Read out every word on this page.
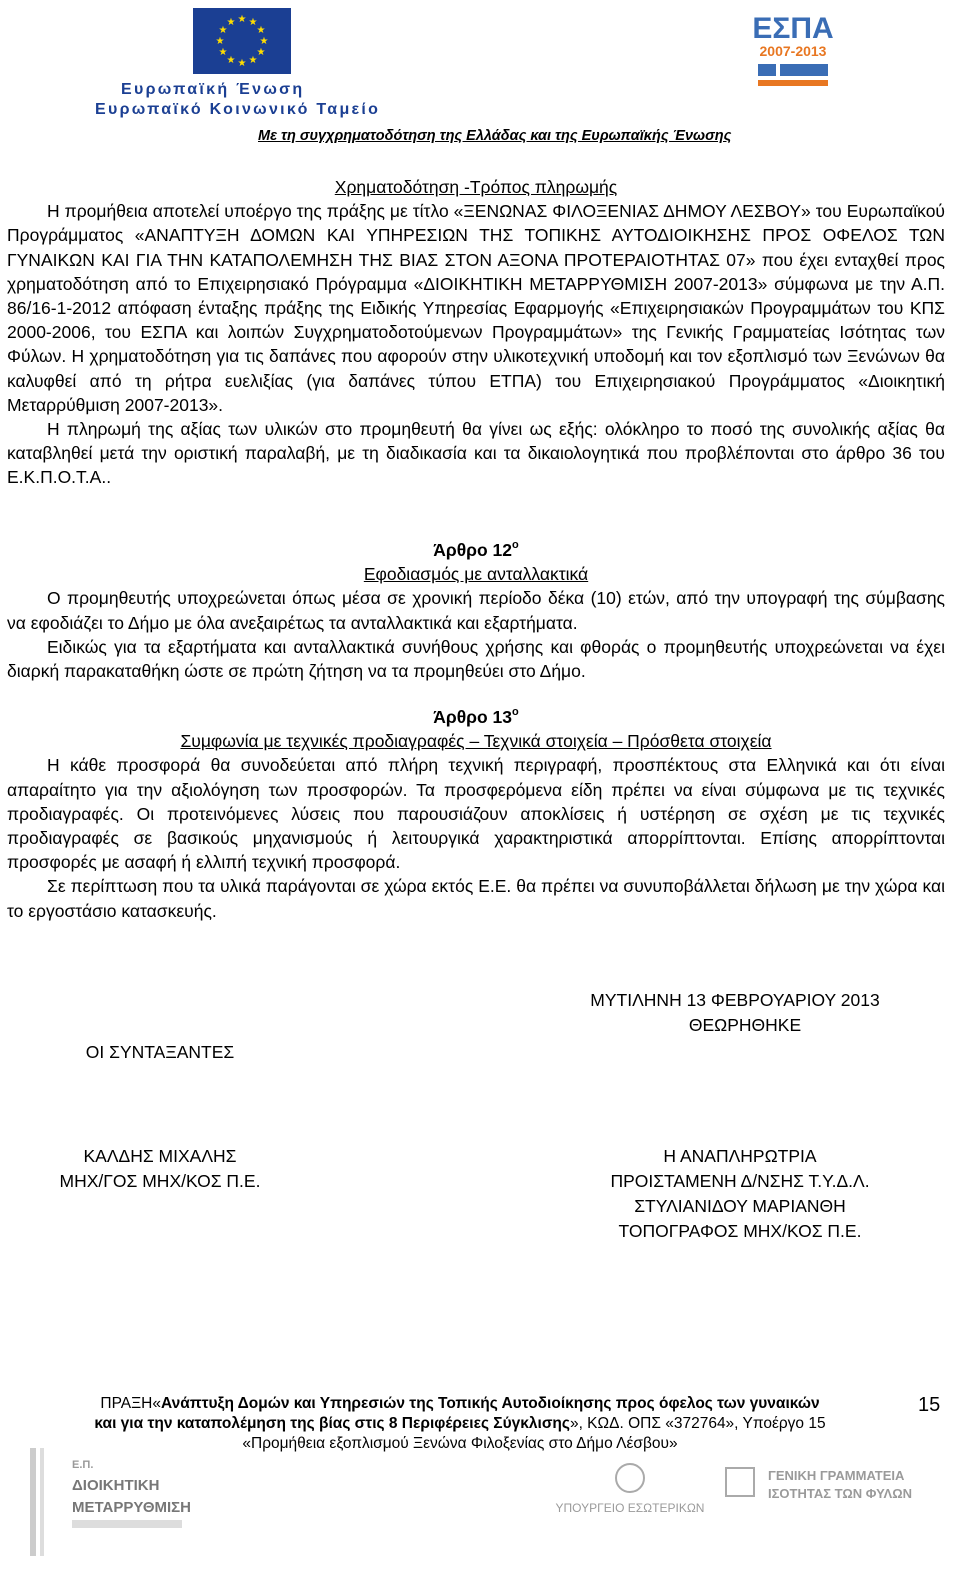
★ ★
★
★
★
★
★
★
★
★
★
★
Ευρωπαϊκή Ένωση
Ευρωπαϊκό Κοινωνικό Ταμείο
ΕΣΠΑ
2007-2013
Με τη συγχρηματοδότηση της Ελλάδας και της Ευρωπαϊκής Ένωσης

Χρηματοδότηση -Τρόπος πληρωμής

Η προμήθεια αποτελεί υποέργο της πράξης με τίτλο «ΞΕΝΩΝΑΣ ΦΙΛΟΞΕΝΙΑΣ ΔΗΜΟΥ ΛΕΣΒΟΥ» του Ευρωπαϊκού Προγράμματος «ΑΝΑΠΤΥΞΗ ΔΟΜΩΝ ΚΑΙ ΥΠΗΡΕΣΙΩΝ ΤΗΣ ΤΟΠΙΚΗΣ ΑΥΤΟΔΙΟΙΚΗΣΗΣ ΠΡΟΣ ΟΦΕΛΟΣ ΤΩΝ ΓΥΝΑΙΚΩΝ ΚΑΙ ΓΙΑ ΤΗΝ ΚΑΤΑΠΟΛΕΜΗΣΗ ΤΗΣ ΒΙΑΣ ΣΤΟΝ ΑΞΟΝΑ ΠΡΟΤΕΡΑΙΟΤΗΤΑΣ 07» που έχει ενταχθεί προς χρηματοδότηση από το Επιχειρησιακό Πρόγραμμα «ΔΙΟΙΚΗΤΙΚΗ ΜΕΤΑΡΡΥΘΜΙΣΗ 2007-2013» σύμφωνα με την Α.Π. 86/16-1-2012 απόφαση ένταξης πράξης της Ειδικής Υπηρεσίας Εφαρμογής «Επιχειρησιακών Προγραμμάτων του ΚΠΣ 2000-2006, του ΕΣΠΑ και λοιπών Συγχρηματοδοτούμενων Προγραμμάτων» της Γενικής Γραμματείας Ισότητας των Φύλων. Η χρηματοδότηση για τις δαπάνες που αφορούν στην υλικοτεχνική υποδομή και τον εξοπλισμό των Ξενώνων θα καλυφθεί από τη ρήτρα ευελιξίας (για δαπάνες τύπου ΕΤΠΑ) του Επιχειρησιακού Προγράμματος «Διοικητική Μεταρρύθμιση 2007-2013».

Η πληρωμή της αξίας των υλικών στο προμηθευτή θα γίνει ως εξής: ολόκληρο το ποσό της συνολικής αξίας θα καταβληθεί μετά την οριστική παραλαβή, με τη διαδικασία και τα δικαιολογητικά που προβλέπονται στο άρθρο 36 του Ε.Κ.Π.Ο.Τ.Α..

Άρθρο $12^o$

Εφοδιασμός με ανταλλακτικά

Ο προμηθευτής υποχρεώνεται όπως μέσα σε χρονική περίοδο δέκα (10) ετών, από την υπογραφή της σύμβασης να εφοδιάζει το Δήμο με όλα ανεξαιρέτως τα ανταλλακτικά και εξαρτήματα.

Ειδικώς για τα εξαρτήματα και ανταλλακτικά συνήθους χρήσης και φθοράς ο προμηθευτής υποχρεώνεται να έχει διαρκή παρακαταθήκη ώστε σε πρώτη ζήτηση να τα προμηθεύει στο Δήμο.

Άρθρο $13^o$

Συμφωνία με τεχνικές προδιαγραφές – Τεχνικά στοιχεία – Πρόσθετα στοιχεία

Η κάθε προσφορά θα συνοδεύεται από πλήρη τεχνική περιγραφή, προσπέκτους στα Ελληνικά και ότι είναι απαραίτητο για την αξιολόγηση των προσφορών. Τα προσφερόμενα είδη πρέπει να είναι σύμφωνα με τις τεχνικές προδιαγραφές. Οι προτεινόμενες λύσεις που παρουσιάζουν αποκλίσεις ή υστέρηση σε σχέση με τις τεχνικές προδιαγραφές σε βασικούς μηχανισμούς ή λειτουργικά χαρακτηριστικά απορρίπτονται. Επίσης απορρίπτονται προσφορές με ασαφή ή ελλιπή τεχνική προσφορά.

Σε περίπτωση που τα υλικά παράγονται σε χώρα εκτός Ε.Ε. θα πρέπει να συνυποβάλλεται δήλωση με την χώρα και το εργοστάσιο κατασκευής.

ΜΥΤΙΛΗΝΗ 13 ΦΕΒΡΟΥΑΡΙΟΥ 2013
ΘΕΩΡΗΘΗΚΕ
ΟΙ ΣΥΝΤΑΞΑΝΤΕΣ
ΚΑΛΔΗΣ ΜΙΧΑΛΗΣ
ΜΗΧ/ΓΟΣ ΜΗΧ/ΚΟΣ Π.Ε.
Η ΑΝΑΠΛΗΡΩΤΡΙΑ
ΠΡΟΙΣΤΑΜΕΝΗ Δ/ΝΣΗΣ Τ.Υ.Δ.Λ.
ΣΤΥΛΙΑΝΙΔΟΥ ΜΑΡΙΑΝΘΗ
ΤΟΠΟΓΡΑΦΟΣ ΜΗΧ/ΚΟΣ Π.Ε.
ΠΡΑΞΗ«Ανάπτυξη Δομών και Υπηρεσιών της Τοπικής Αυτοδιοίκησης προς όφελος των γυναικών
και για την καταπολέμηση της βίας στις 8 Περιφέρειες Σύγκλισης», ΚΩΔ. ΟΠΣ «372764», Υποέργο 15
«Προμήθεια εξοπλισμού Ξενώνα Φιλοξενίας στο Δήμο Λέσβου»
15
Ε.Π.
ΔΙΟΙΚΗΤΙΚΗ
ΜΕΤΑΡΡΥΘΜΙΣΗ	ΥΠΟΥΡΓΕΙΟ ΕΣΩΤΕΡΙΚΩΝ
ΓΕΝΙΚΗ ΓΡΑΜΜΑΤΕΙΑ
ΙΣΟΤΗΤΑΣ ΤΩΝ ΦΥΛΩΝ
